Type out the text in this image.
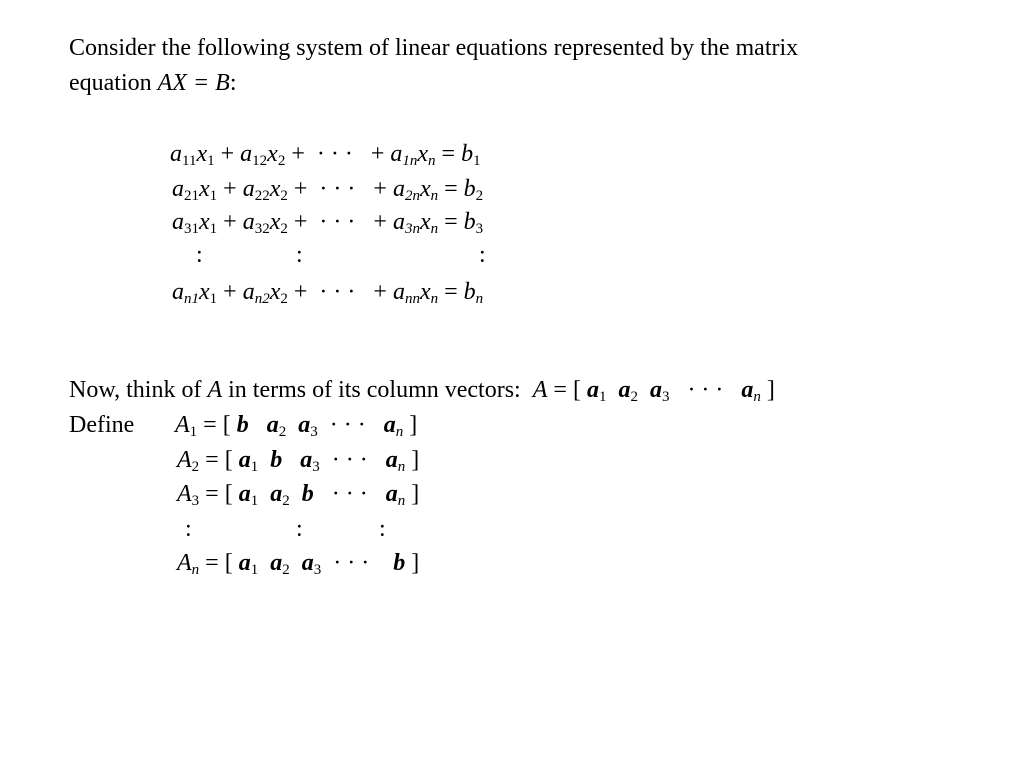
Consider the following system of linear equations represented by the matrix
equation AX = B:
$a_{11}x_1 + a_{12}x_2$ +  ···  + $a_{1n}x_n = b_1$
$a_{21}x_1 + a_{22}x_2$ +  ···  + $a_{2n}x_n = b_2$
$a_{31}x_1 + a_{32}x_2$ +  ···  + $a_{3n}x_n = b_3$
:	:	:
$a_{n1}x_1 + a_{n2}x_2$ +  ···  + $a_{nn}x_n = b_n$
Now, think of A in terms of its column vectors: A = [ $a_1$ $a_2$ $a_3$ ··· $a_n$ ]
Define $A_1$ = [ b $a_2$ $a_3$ ··· $a_n$ ]
$A_2$ = [ $a_1$ b $a_3$ ··· $a_n$ ]
$A_3$ = [ $a_1$ $a_2$ b ··· $a_n$ ]
:	:	:
$A_n$ = [ $a_1$ $a_2$ $a_3$ ··· b ]
